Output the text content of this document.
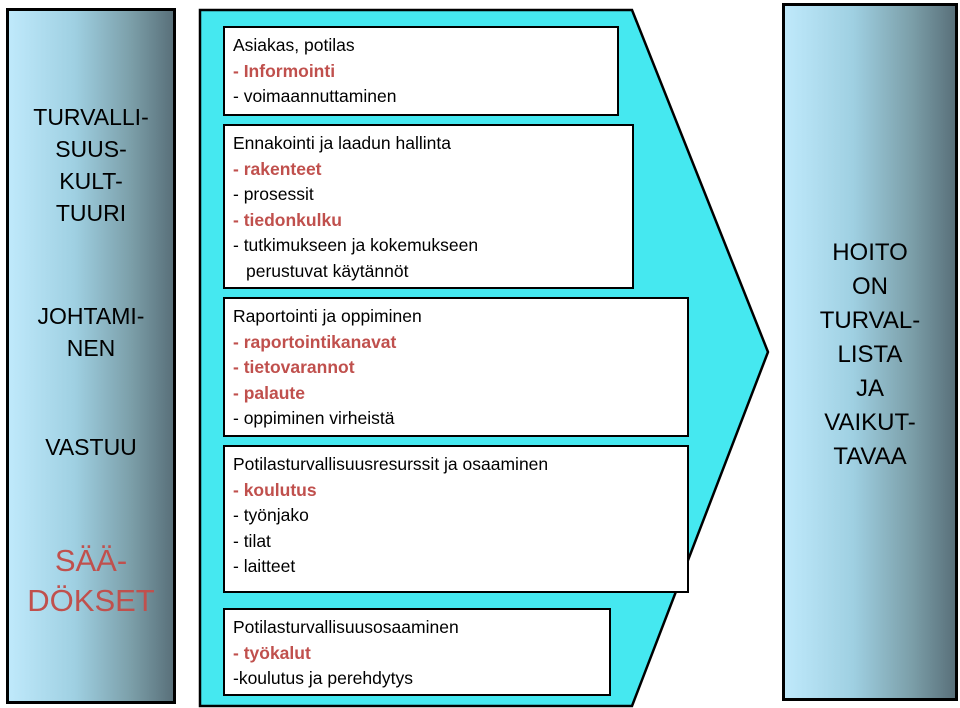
TURVALLI-
SUUS-
KULT-
TUURI

JOHTAMI-
NEN

VASTUU

SÄÄ-
DÖKSET

HOITO
ON
TURVAL-
LISTA
JA
VAIKUT-
TAVAA

Asiakas, potilas
- Informointi
- voimaannuttaminen
Ennakointi ja laadun hallinta
- rakenteet
- prosessit
- tiedonkulku
- tutkimukseen ja kokemukseen
perustuvat käytännöt
Raportointi ja oppiminen
- raportointikanavat
- tietovarannot
- palaute
- oppiminen virheistä
Potilasturvallisuusresurssit ja osaaminen
- koulutus
- työnjako
- tilat
- laitteet
Potilasturvallisuusosaaminen
- työkalut
-koulutus ja perehdytys
